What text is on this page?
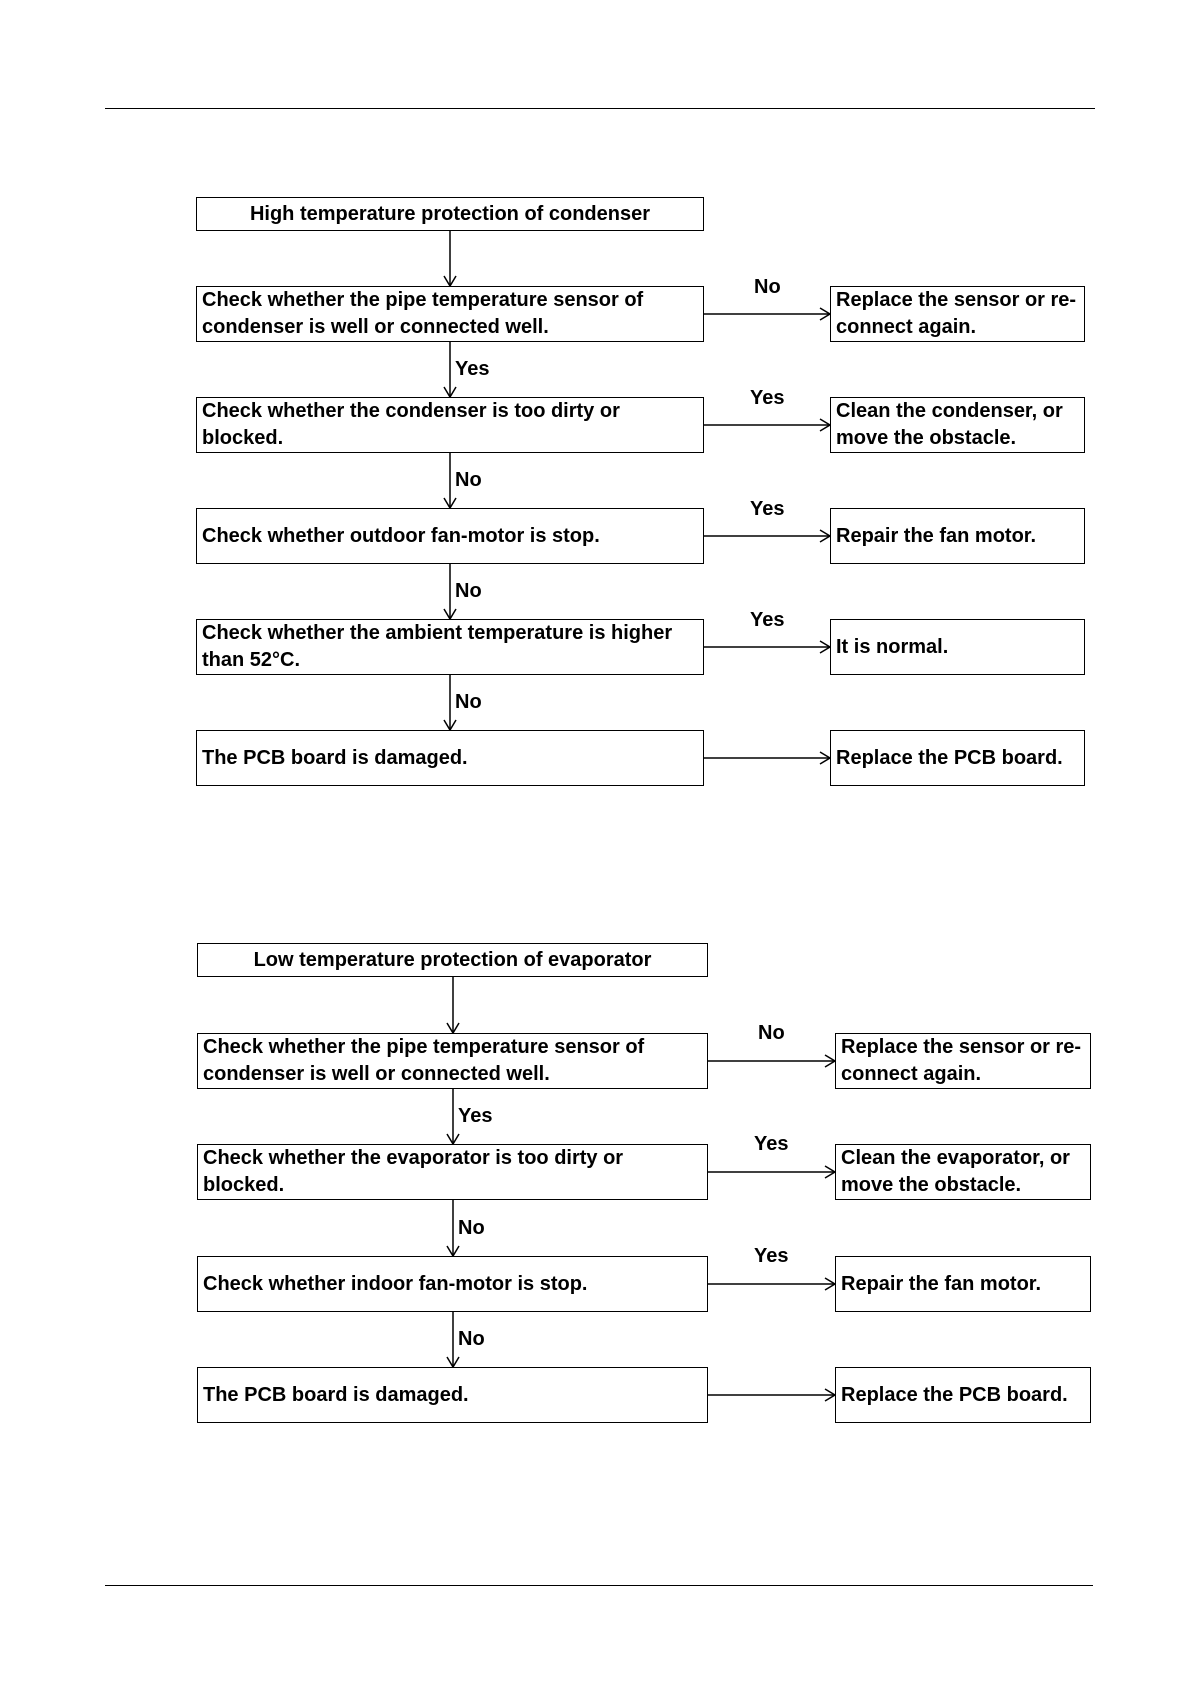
High temperature protection of condenser
Check whether the pipe temperature sensor of condenser is well or connected well.
Replace the sensor or re-connect again.
No
Yes
Check whether the condenser is too dirty or blocked.
Clean the condenser, or move the obstacle.
Yes
No
Check whether outdoor fan-motor is stop.	Repair the fan motor.
Yes
No
Check whether the ambient temperature is higher than 52°C.
It is normal.
Yes
No
The PCB board is damaged.	Replace the PCB board.
Low temperature protection of evaporator
Check whether the pipe temperature sensor of condenser is well or connected well.
Replace the sensor or re-connect again.
No
Yes
Check whether the evaporator is too dirty or blocked.
Clean the evaporator, or move the obstacle.
Yes
No
Check whether indoor fan-motor is stop.	Repair the fan motor.
Yes
No
The PCB board is damaged.	Replace the PCB board.
